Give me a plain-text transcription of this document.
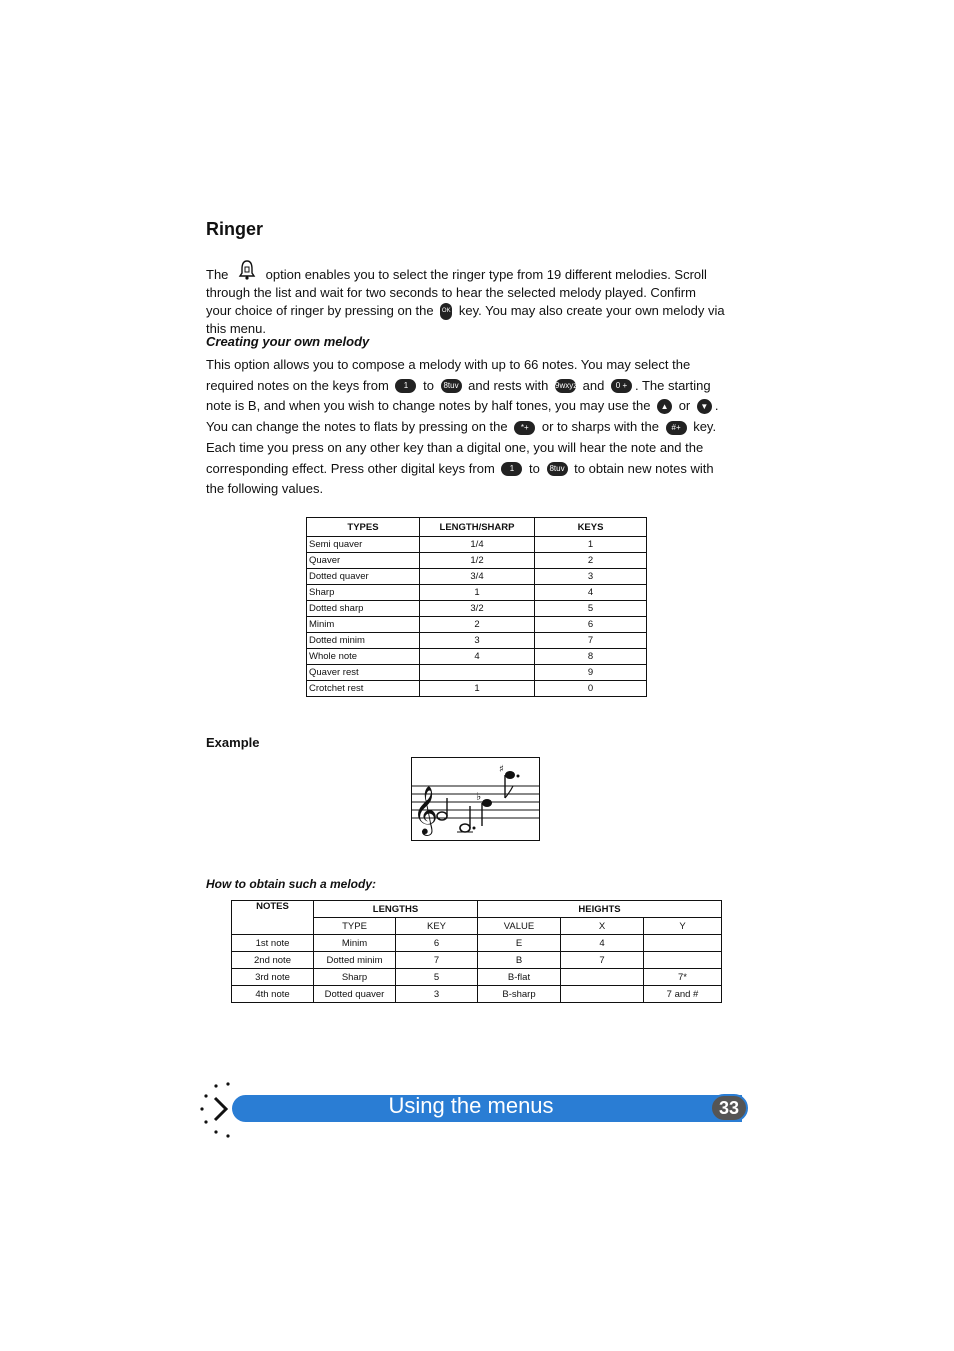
Ringer
The	option enables you to select the ringer type from 19 different melodies. Scroll
through the list and wait for two seconds to hear the selected melody played. Confirm
your choice of ringer by pressing on the OK key. You may also create your own melody via
this menu.
Creating your own melody
This option allows you to compose a melody with up to 66 notes. You may select the
required notes on the keys from 1 to 8tuv and rests with 9wxyz and 0 + . The starting
note is B, and when you wish to change notes by half tones, you may use the ▲ or ▼ .
You can change the notes to flats by pressing on the *+ or to sharps with the #+ key.
Each time you press on any other key than a digital one, you will hear the note and the
corresponding effect. Press other digital keys from 1 to 8tuv to obtain new notes with
the following values.
TYPES	LENGTH/SHARP	KEYS
Semi quaver	1/4	1
Quaver	1/2	2
Dotted quaver	3/4	3
Sharp	1	4
Dotted sharp	3/2	5
Minim	2	6
Dotted minim	3	7
Whole note	4	8
Quaver rest		9
Crotchet rest	1	0
Example
𝄞	♭
♯
How to obtain such a melody:
NOTES	LENGTHS		HEIGHTS		
	TYPE	KEY	VALUE	X	Y
1st note	Minim	6	E	4	
2nd note	Dotted minim	7	B	7	
3rd note	Sharp	5	B-flat		7*
4th note	Dotted quaver	3	B-sharp		7 and #
Using the menus	33
